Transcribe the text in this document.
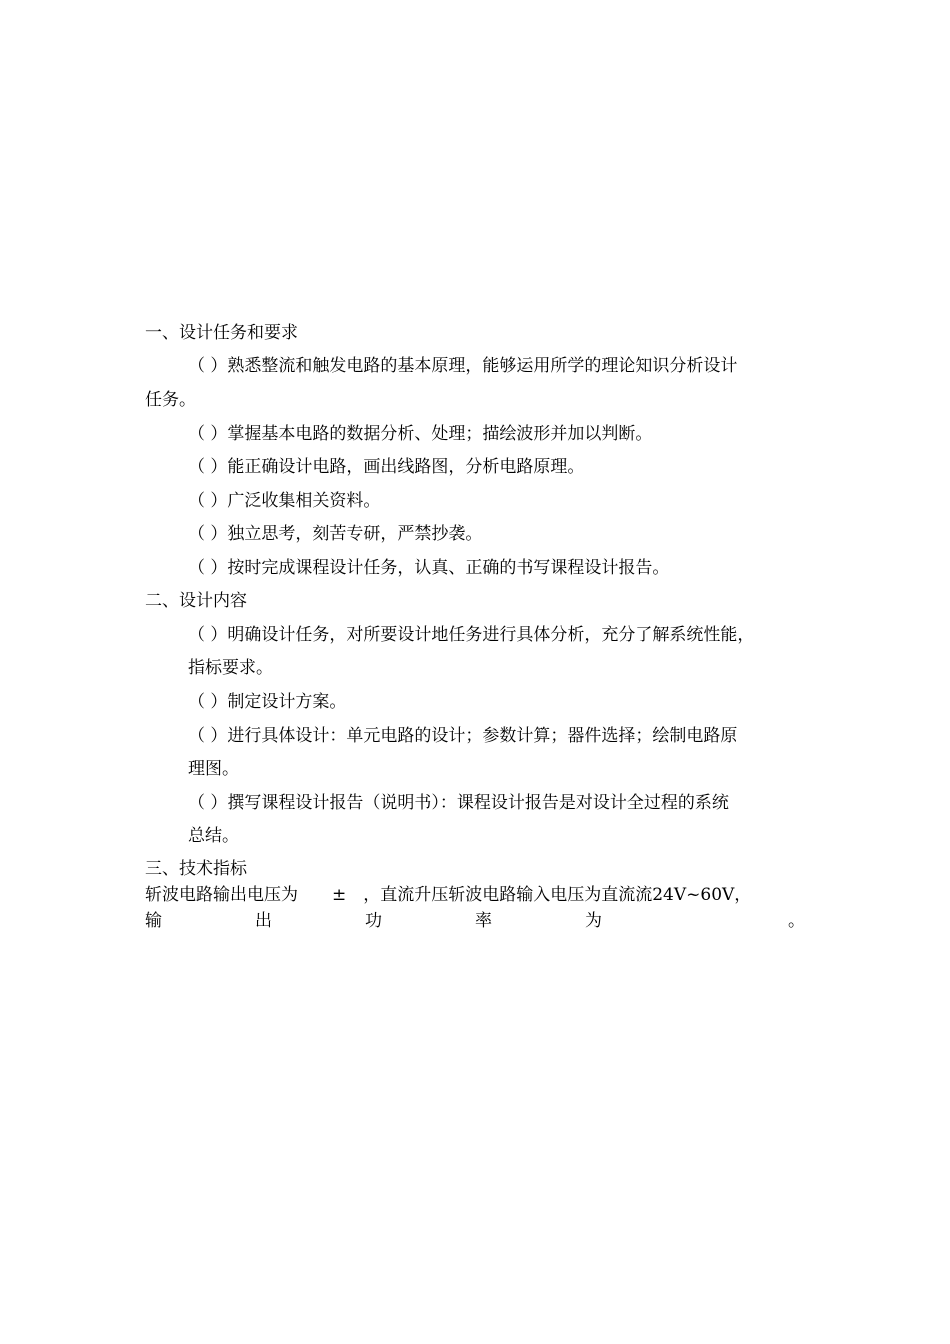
一、设计任务和要求
（ ）熟悉整流和触发电路的基本原理，能够运用所学的理论知识分析设计
任务。
（ ）掌握基本电路的数据分析、处理；描绘波形并加以判断。
（ ）能正确设计电路，画出线路图，分析电路原理。
（ ）广泛收集相关资料。
（ ）独立思考，刻苦专研，严禁抄袭。
（ ）按时完成课程设计任务，认真、正确的书写课程设计报告。
二、设计内容
（ ）明确设计任务，对所要设计地任务进行具体分析，充分了解系统性能，
指标要求。
（ ）制定设计方案。
（ ）进行具体设计：单元电路的设计；参数计算；器件选择；绘制电路原
理图。
（ ）撰写课程设计报告（说明书）：课程设计报告是对设计全过程的系统
总结。
三、技术指标
斩波电路输出电压为　　±　，直流升压斩波电路输入电压为直流流24V~60V，
输	出	功	率	为	。
